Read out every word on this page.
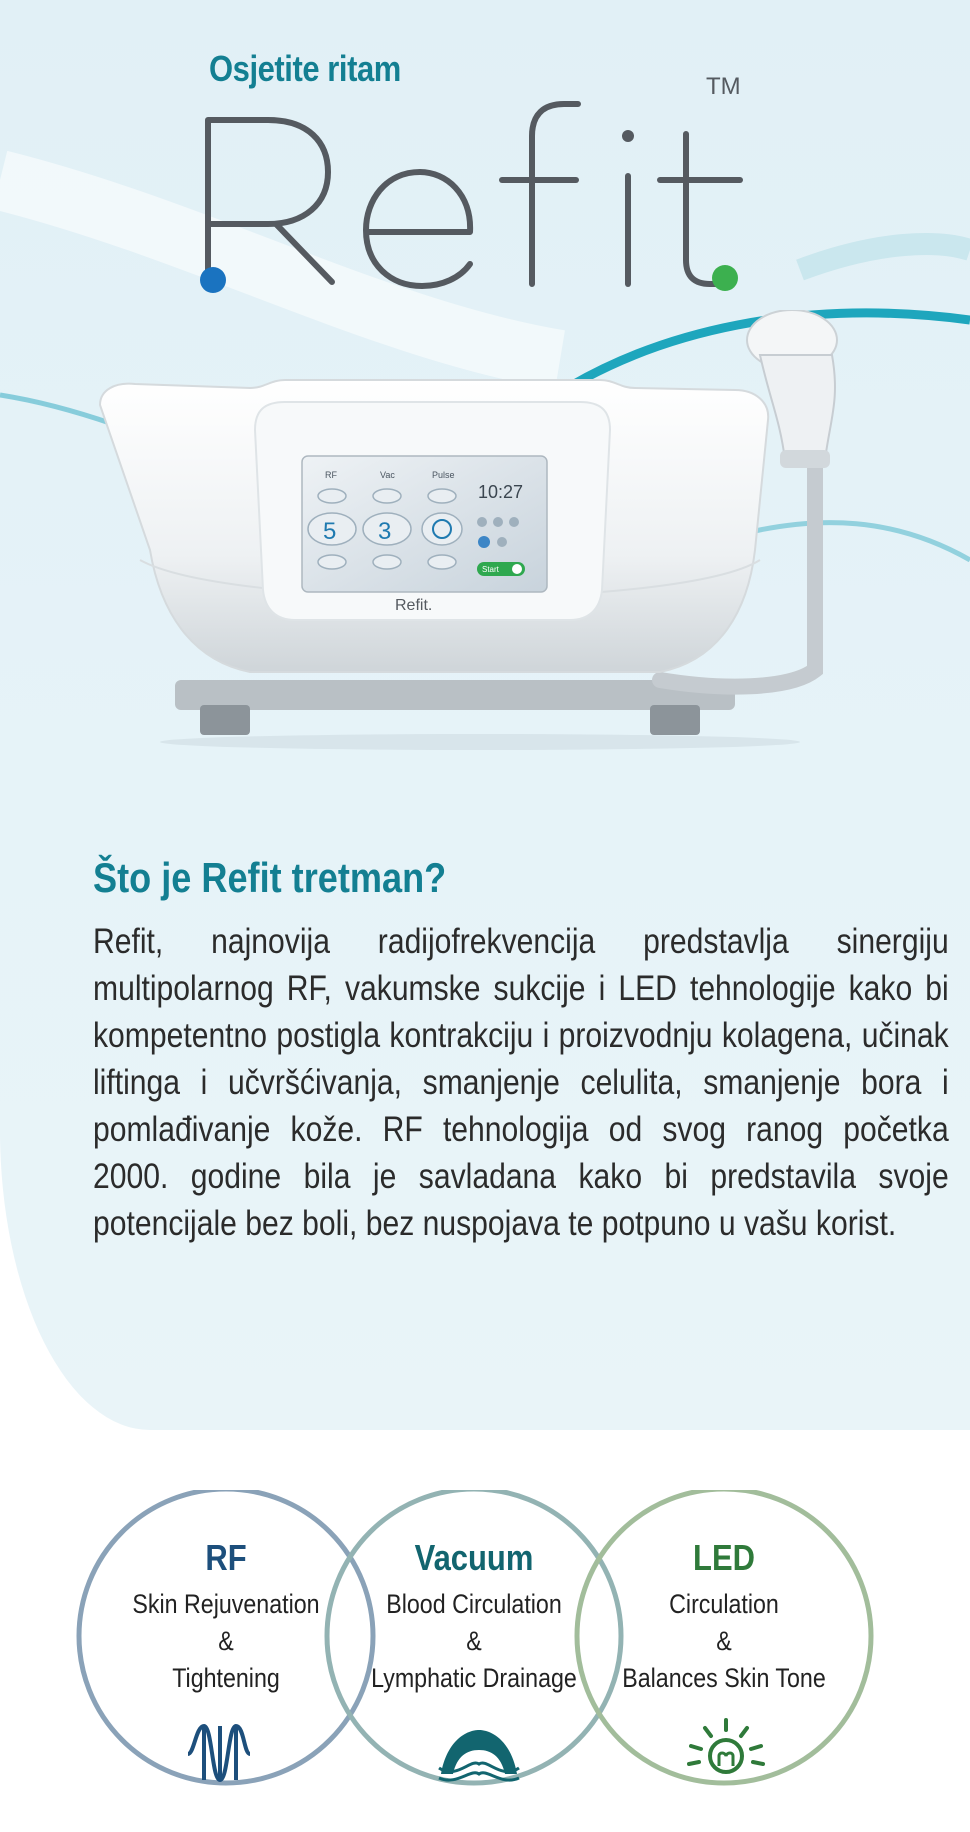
Osjetite ritam	TM
RF	Vac	Pulse
5 3
10:27
Start
Refit.
Što je Refit tretman?

Refit, najnovija radijofrekvencija predstavlja sinergiju multipolarnog RF, vakumske sukcije i LED tehnologije kako bi kompetentno postigla kontrakciju i proizvodnju kolagena, učinak liftinga i učvršćivanja, smanjenje celulita, smanjenje bora i pomlađivanje kože. RF tehnologija od svog ranog početka 2000. godine bila je savladana kako bi predstavila svoje potencijale bez boli, bez nuspojava te potpuno u vašu korist.

RF
Skin Rejuvenation
&
Tightening
Vacuum
Blood Circulation
&
Lymphatic Drainage
LED
Circulation
&
Balances Skin Tone
